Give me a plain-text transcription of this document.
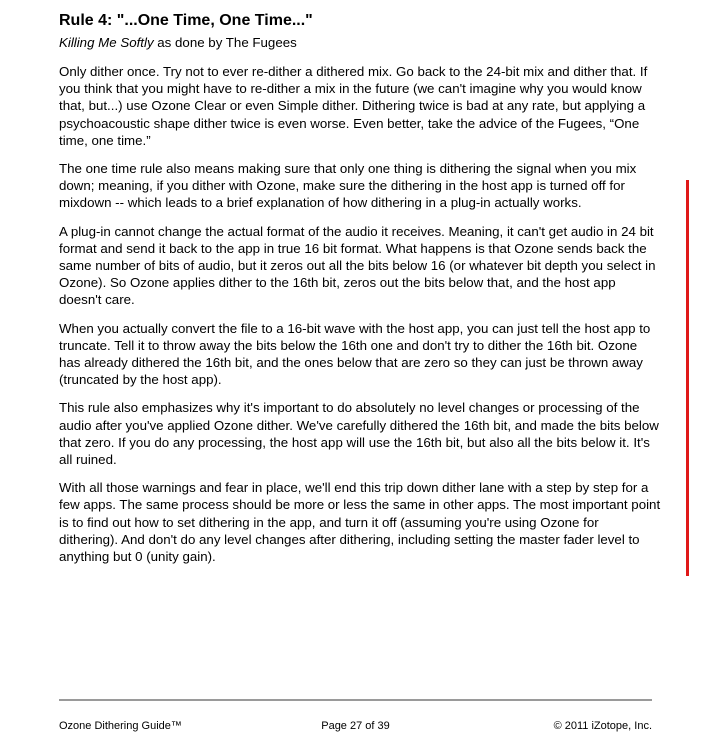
Rule 4: "...One Time, One Time..."
Killing Me Softly as done by The Fugees

Only dither once. Try not to ever re-dither a dithered mix. Go back to the 24-bit mix and dither that. If you think that you might have to re-dither a mix in the future (we can't imagine why you would know that, but...) use Ozone Clear or even Simple dither. Dithering twice is bad at any rate, but applying a psychoacoustic shape dither twice is even worse. Even better, take the advice of the Fugees, “One time, one time.”

The one time rule also means making sure that only one thing is dithering the signal when you mix down; meaning, if you dither with Ozone, make sure the dithering in the host app is turned off for mixdown -- which leads to a brief explanation of how dithering in a plug-in actually works.

A plug-in cannot change the actual format of the audio it receives. Meaning, it can't get audio in 24 bit format and send it back to the app in true 16 bit format. What happens is that Ozone sends back the same number of bits of audio, but it zeros out all the bits below 16 (or whatever bit depth you select in Ozone). So Ozone applies dither to the 16th bit, zeros out the bits below that, and the host app doesn't care.

When you actually convert the file to a 16-bit wave with the host app, you can just tell the host app to truncate. Tell it to throw away the bits below the 16th one and don't try to dither the 16th bit. Ozone has already dithered the 16th bit, and the ones below that are zero so they can just be thrown away (truncated by the host app).

This rule also emphasizes why it's important to do absolutely no level changes or processing of the audio after you've applied Ozone dither. We've carefully dithered the 16th bit, and made the bits below that zero. If you do any processing, the host app will use the 16th bit, but also all the bits below it. It's all ruined.

With all those warnings and fear in place, we'll end this trip down dither lane with a step by step for a few apps. The same process should be more or less the same in other apps. The most important point is to find out how to set dithering in the app, and turn it off (assuming you're using Ozone for dithering). And don't do any level changes after dithering, including setting the master fader level to anything but 0 (unity gain).

Ozone Dithering Guide™	Page 27 of 39	© 2011 iZotope, Inc.
